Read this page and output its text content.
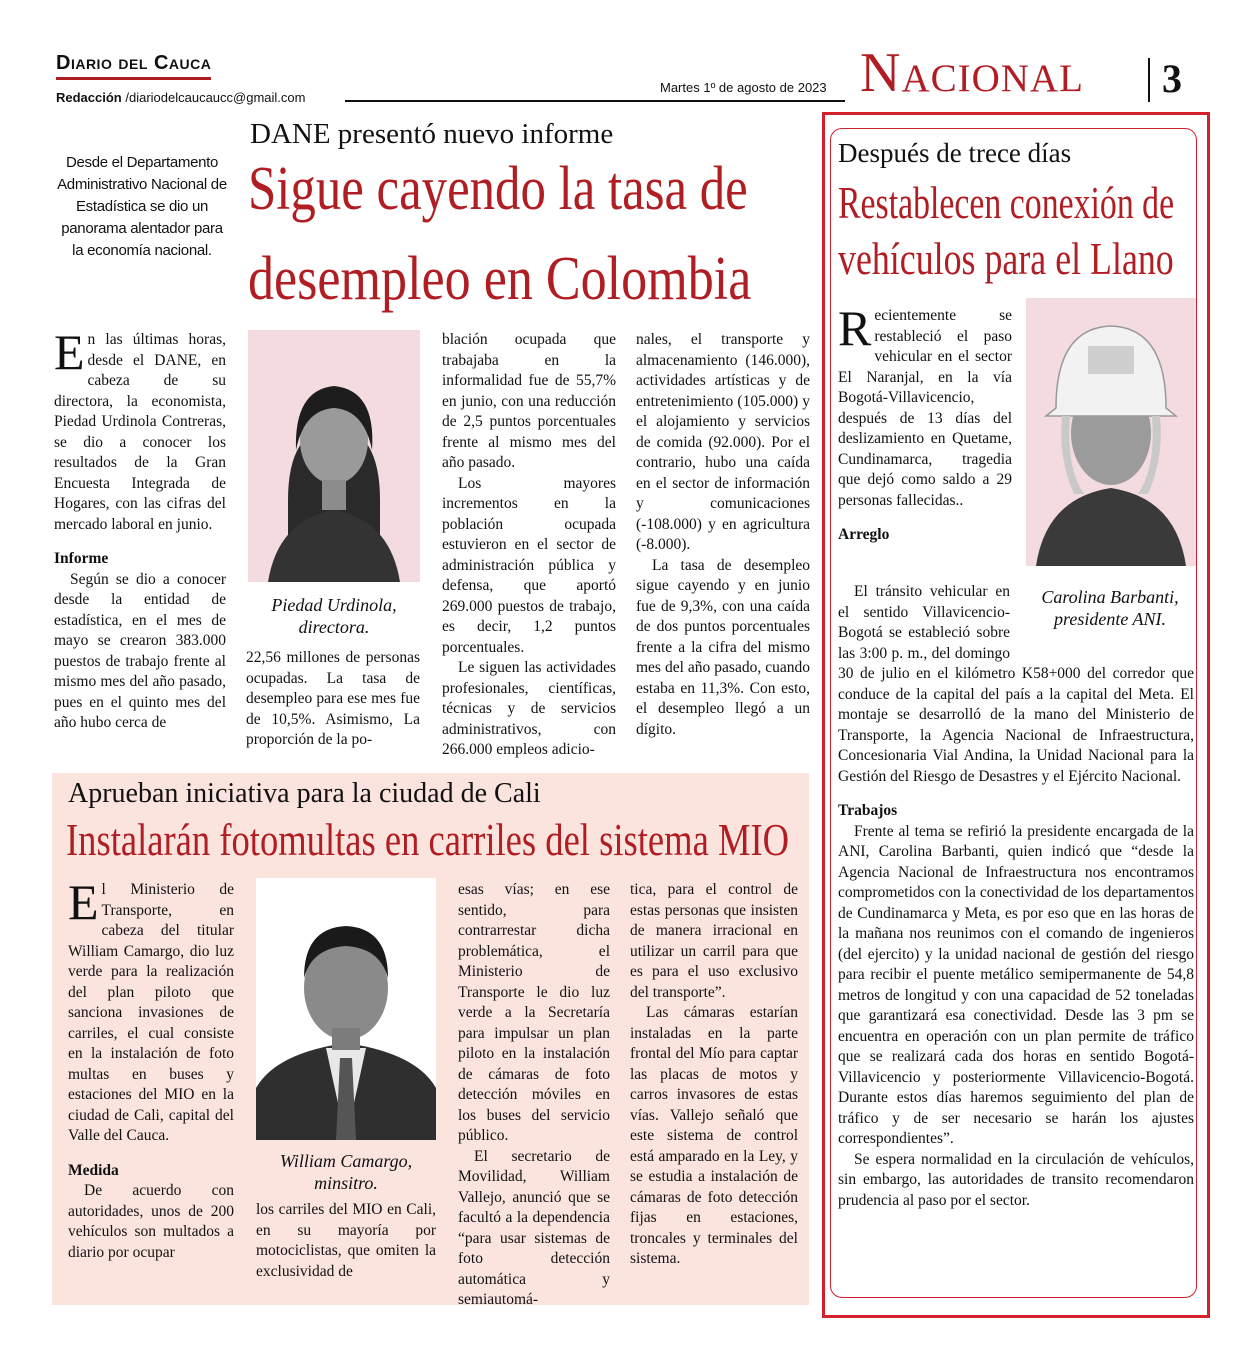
Diario del Cauca
Redacción /diariodelcaucaucc@gmail.com
Martes 1º de agosto de 2023 Nacional 3
DANE presentó nuevo informe
Sigue cayendo la tasa de
desempleo en Colombia
Desde el Departamento Administrativo Nacional de Estadística se dio un panorama alentador para la economía nacional.

En las últimas horas, desde el DANE, en cabeza de su directora, la economista, Piedad Urdinola Contreras, se dio a conocer los resultados de la Gran Encuesta Integrada de Hogares, con las cifras del mercado laboral en junio.

Informe

Según se dio a conocer desde la entidad de estadística, en el mes de mayo se crearon 383.000 puestos de trabajo frente al mismo mes del año pasado, pues en el quinto mes del año hubo cerca de

Piedad Urdinola, directora.

22,56 millones de personas ocupadas. La tasa de desempleo para ese mes fue de 10,5%. Asimismo, La proporción de la po-

blación ocupada que trabajaba en la informalidad fue de 55,7% en junio, con una reducción de 2,5 puntos porcentuales frente al mismo mes del año pasado.

Los mayores incrementos en la población ocupada estuvieron en el sector de administración pública y defensa, que aportó 269.000 puestos de trabajo, es decir, 1,2 puntos porcentuales.

Le siguen las actividades profesionales, científicas, técnicas y de servicios administrativos, con 266.000 empleos adicio-

nales, el transporte y almacenamiento (146.000), actividades artísticas y de entretenimiento (105.000) y el alojamiento y servicios de comida (92.000). Por el contrario, hubo una caída en el sector de información y comunicaciones (-108.000) y en agricultura (-8.000).

La tasa de desempleo sigue cayendo y en junio fue de 9,3%, con una caída de dos puntos porcentuales frente a la cifra del mismo mes del año pasado, cuando estaba en 11,3%. Con esto, el desempleo llegó a un dígito.

Aprueban iniciativa para la ciudad de Cali
Instalarán fotomultas en carriles del sistema MIO

El Ministerio de Transporte, en cabeza del titular William Camargo, dio luz verde para la realización del plan piloto que sanciona invasiones de carriles, el cual consiste en la instalación de foto multas en buses y estaciones del MIO en la ciudad de Cali, capital del Valle del Cauca.

Medida

De acuerdo con autoridades, unos de 200 vehículos son multados a diario por ocupar

William Camargo, minsitro.

los carriles del MIO en Cali, en su mayoría por motociclistas, que omiten la exclusividad de

esas vías; en ese sentido, para contrarrestar dicha problemática, el Ministerio de Transporte le dio luz verde a la Secretaría para impulsar un plan piloto en la instalación de cámaras de foto detección móviles en los buses del servicio público.

El secretario de Movilidad, William Vallejo, anunció que se facultó a la dependencia “para usar sistemas de foto detección automática y semiautomá-

tica, para el control de estas personas que insisten de manera irracional en utilizar un carril para que es para el uso exclusivo del transporte”.

Las cámaras estarían instaladas en la parte frontal del Mío para captar las placas de motos y carros invasores de estas vías. Vallejo señaló que este sistema de control está amparado en la Ley, y se estudia a instalación de cámaras de foto detección fijas en estaciones, troncales y terminales del sistema.

Después de trece días
Restablecen conexión de
vehículos para el Llano

Recientemente se restableció el paso vehicular en el sector El Naranjal, en la vía Bogotá-Villavicencio, después de 13 días del deslizamiento en Quetame, Cundinamarca, tragedia que dejó como saldo a 29 personas fallecidas..

Arreglo

Carolina Barbanti, presidente ANI.

El tránsito vehicular en el sentido Villavicencio-Bogotá se estableció sobre las 3:00 p. m., del domingo 30 de julio en el kilómetro K58+000 del corredor que conduce de la capital del país a la capital del Meta. El montaje se desarrolló de la mano del Ministerio de Transporte, la Agencia Nacional de Infraestructura, Concesionaria Vial Andina, la Unidad Nacional para la Gestión del Riesgo de Desastres y el Ejército Nacional.

Trabajos

Frente al tema se refirió la presidente encargada de la ANI, Carolina Barbanti, quien indicó que “desde la Agencia Nacional de Infraestructura nos encontramos comprometidos con la conectividad de los departamentos de Cundinamarca y Meta, es por eso que en las horas de la mañana nos reunimos con el comando de ingenieros (del ejercito) y la unidad nacional de gestión del riesgo para recibir el puente metálico semipermanente de 54,8 metros de longitud y con una capacidad de 52 toneladas que garantizará esa conectividad. Desde las 3 pm se encuentra en operación con un plan permite de tráfico que se realizará cada dos horas en sentido Bogotá-Villavicencio y posteriormente Villavicencio-Bogotá. Durante estos días haremos seguimiento del plan de tráfico y de ser necesario se harán los ajustes correspondientes”.

Se espera normalidad en la circulación de vehículos, sin embargo, las autoridades de transito recomendaron prudencia al paso por el sector.
